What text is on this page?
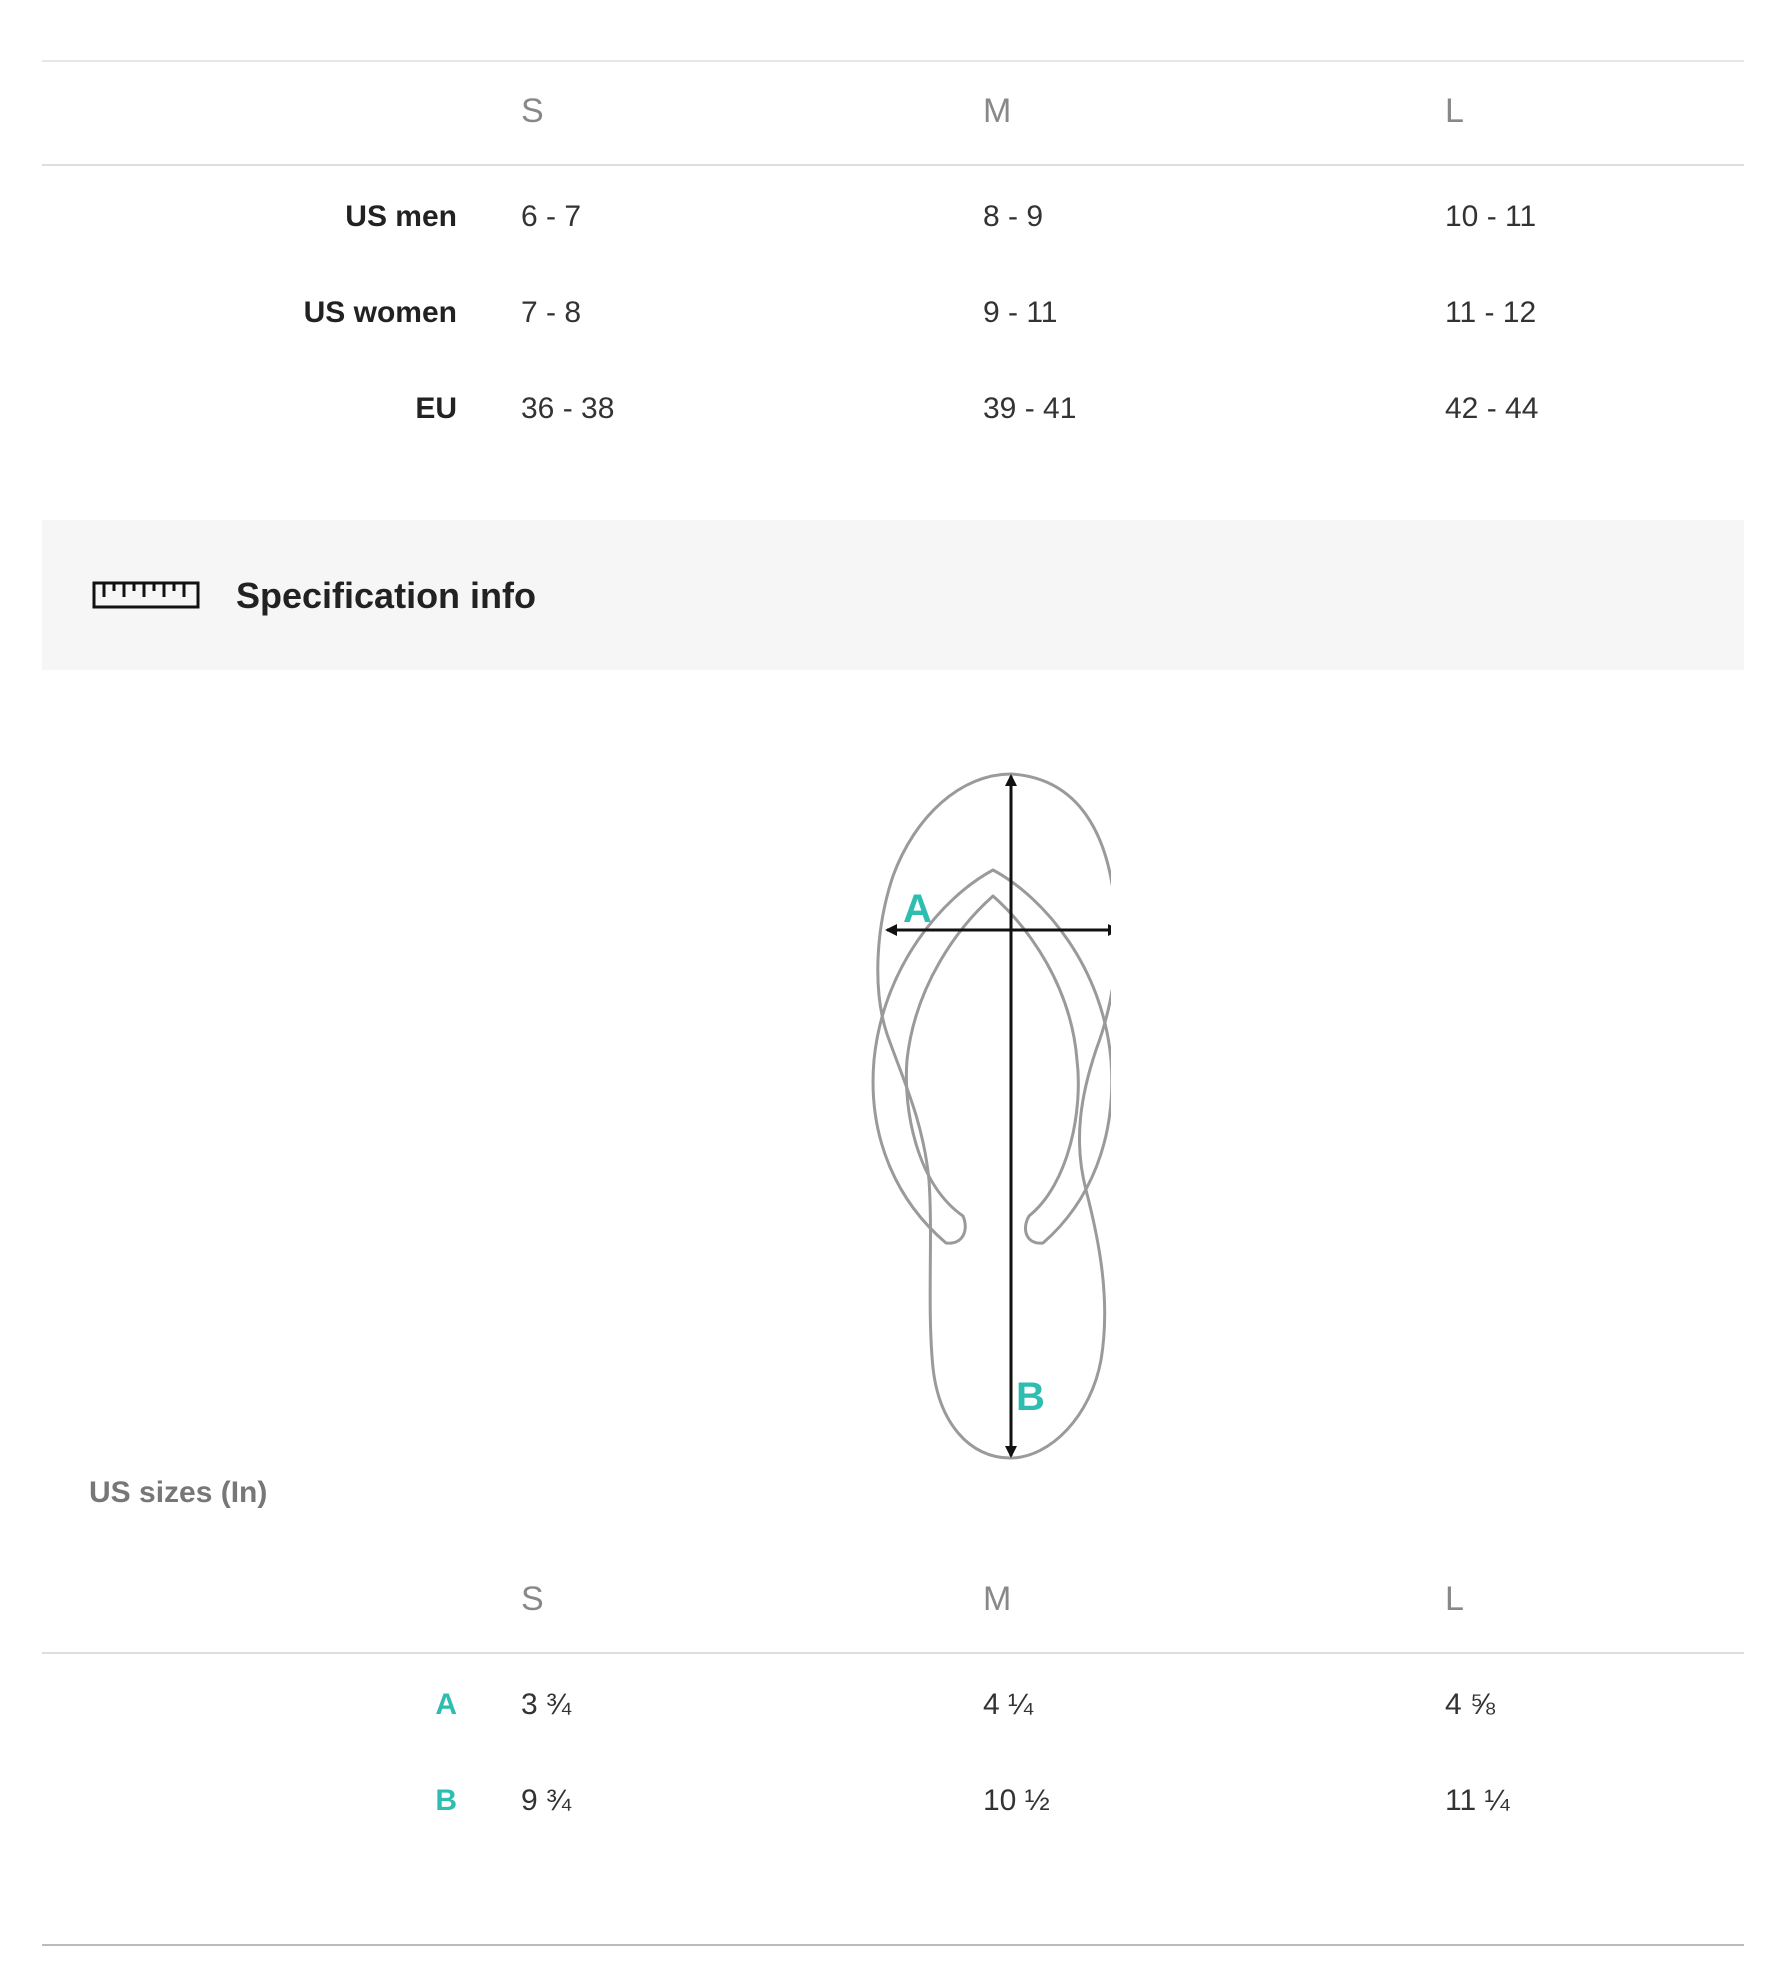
S	M	L
US men 6 - 7	8 - 9	10 - 11
US women 7 - 8	9 - 11	11 - 12
EU 36 - 38	39 - 41	42 - 44
Specification info
A
B
US sizes (In)
S	M	L
A 3 ¾	4 ¼	4 ⅝
B 9 ¾	10 ½	11 ¼
